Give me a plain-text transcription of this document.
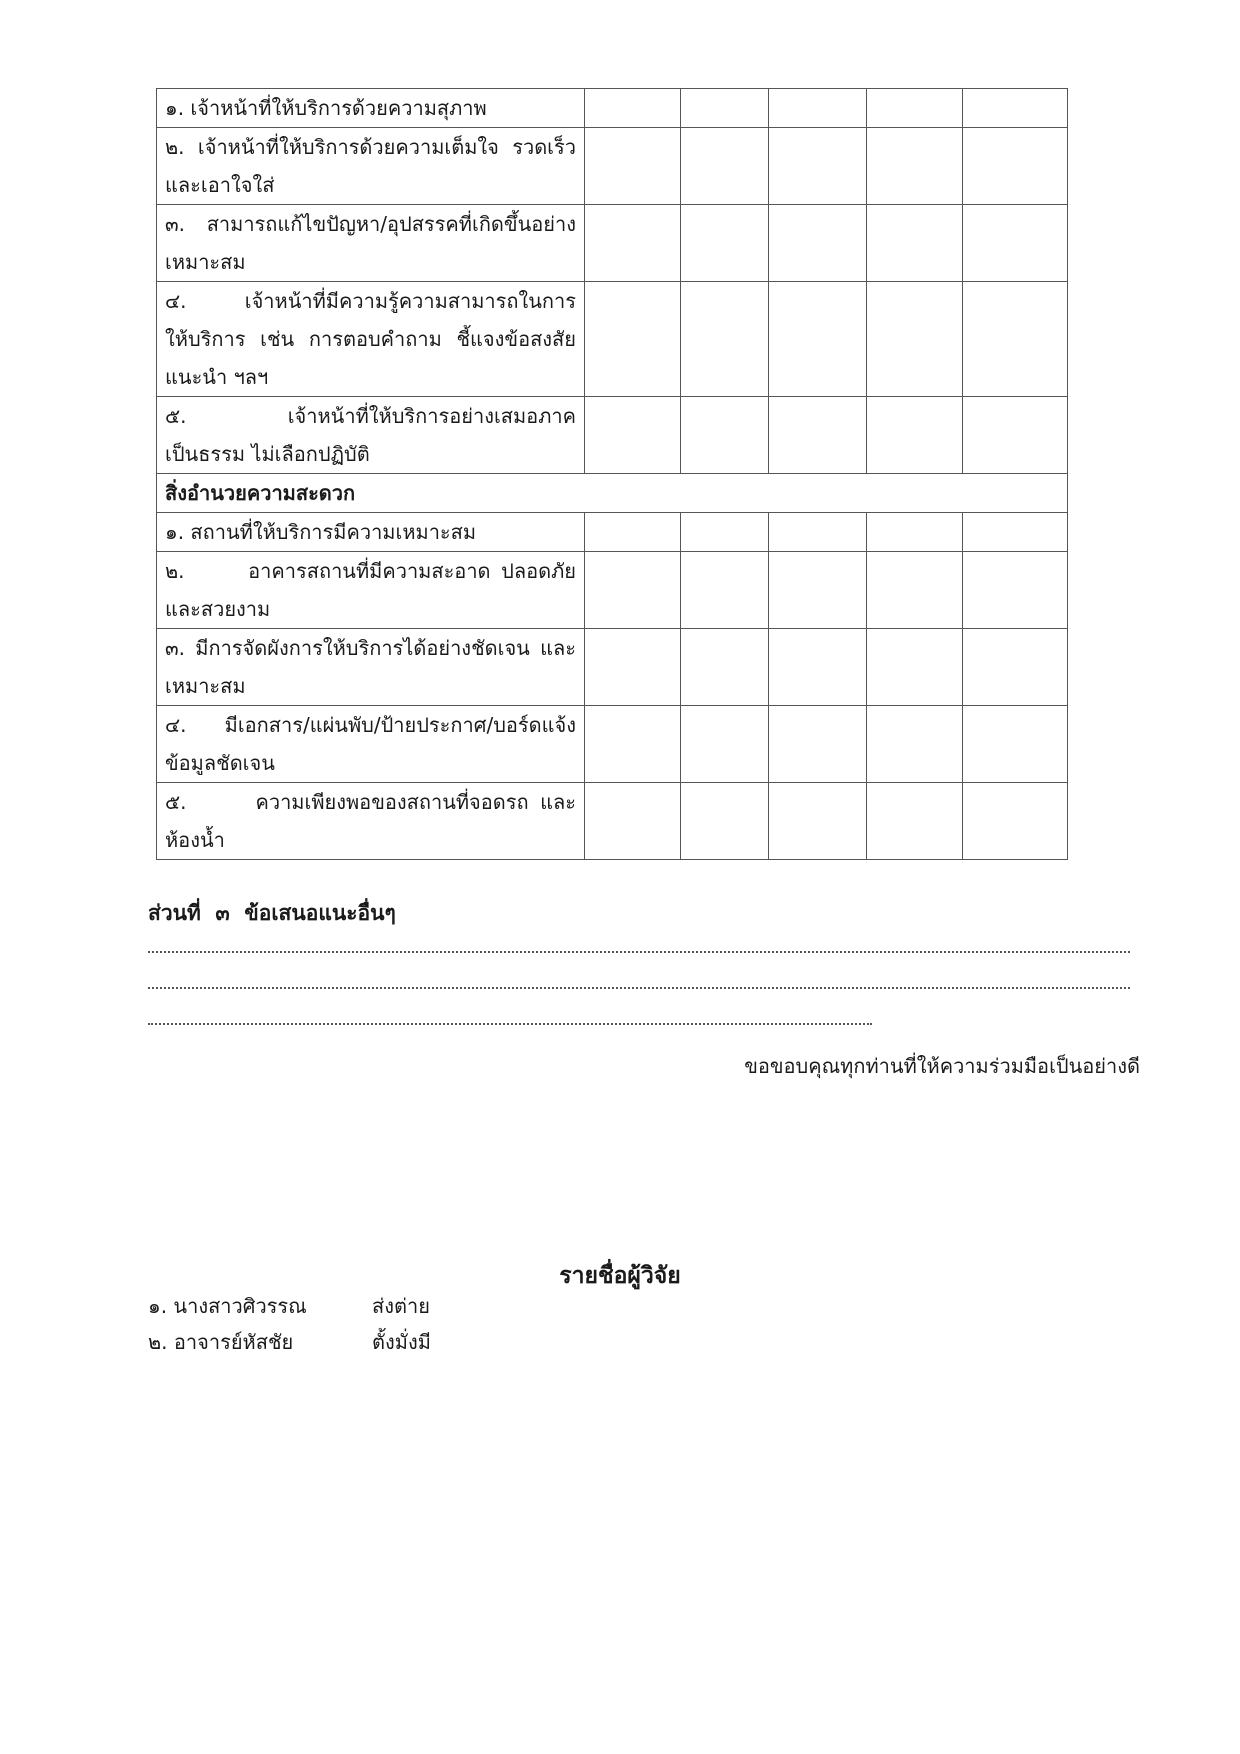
๑. เจ้าหน้าที่ให้บริการด้วยความสุภาพ					
๒. เจ้าหน้าที่ให้บริการด้วยความเต็มใจ รวดเร็ว และเอาใจใส่					
๓. สามารถแก้ไขปัญหา/อุปสรรคที่เกิดขึ้นอย่างเหมาะสม					
๔.      เจ้าหน้าที่มีความรู้ความสามารถในการให้บริการ เช่น การตอบคำถาม ชี้แจงข้อสงสัย แนะนำ ฯลฯ					
๕.          เจ้าหน้าที่ให้บริการอย่างเสมอภาค เป็นธรรม ไม่เลือกปฏิบัติ					
สิ่งอำนวยความสะดวก					
๑. สถานที่ให้บริการมีความเหมาะสม					
๒.      อาคารสถานที่มีความสะอาด ปลอดภัย และสวยงาม					
๓. มีการจัดผังการให้บริการได้อย่างชัดเจน และเหมาะสม					
๔. มีเอกสาร/แผ่นพับ/ป้ายประกาศ/บอร์ดแจ้งข้อมูลชัดเจน					
๕.      ความเพียงพอของสถานที่จอดรถ และห้องน้ำ					
ส่วนที่  ๓  ข้อเสนอแนะอื่นๆ
ขอขอบคุณทุกท่านที่ให้ความร่วมมือเป็นอย่างดี
รายชื่อผู้วิจัย
๑. นางสาวศิวรรณ	ส่งต่าย
๒. อาจารย์หัสชัย	ตั้งมั่งมี
